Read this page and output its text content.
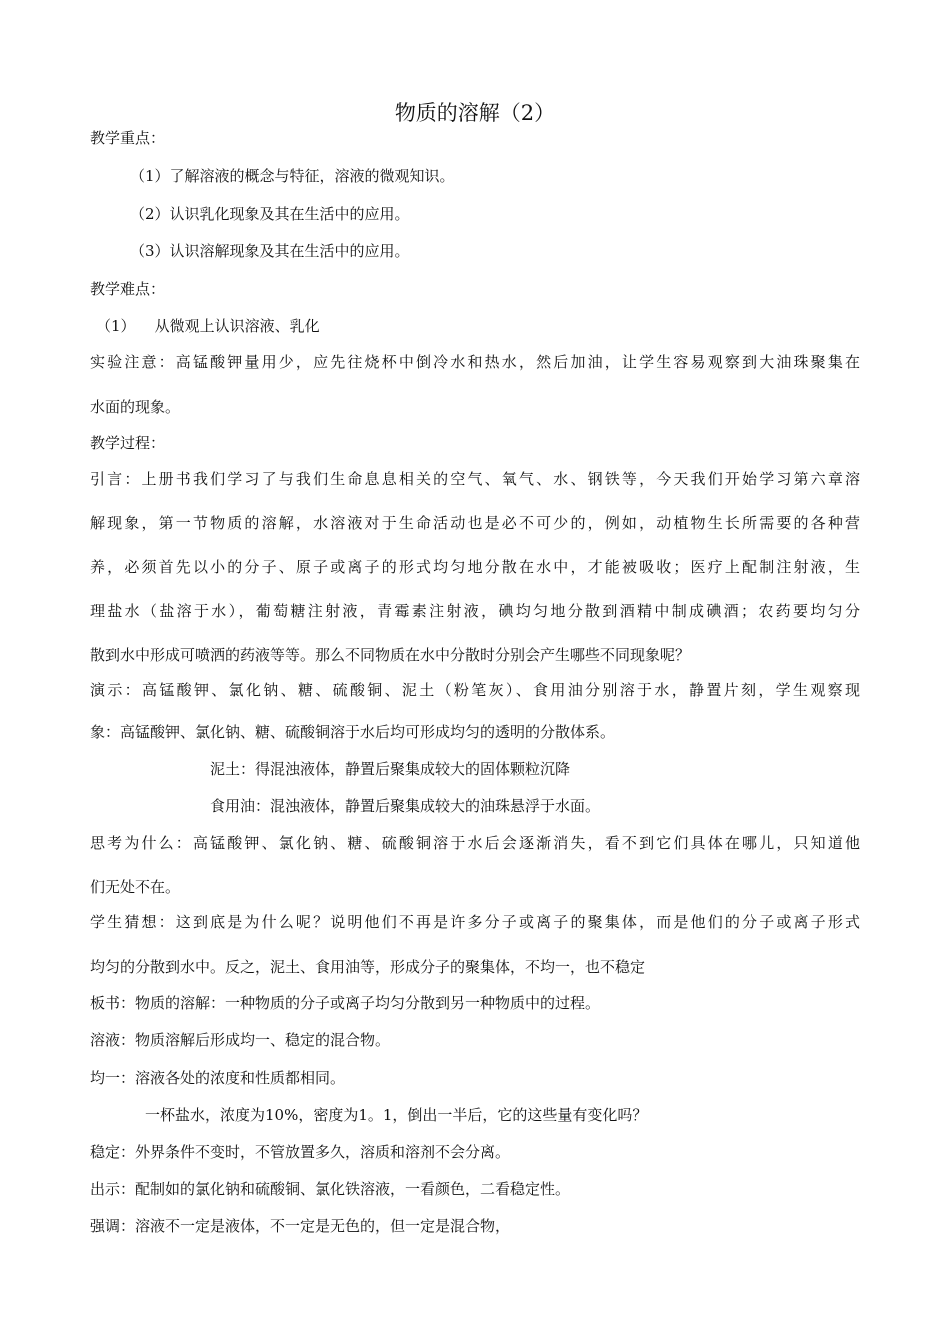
物质的溶解（2）
教学重点：
（1）了解溶液的概念与特征，溶液的微观知识。
（2）认识乳化现象及其在生活中的应用。
（3）认识溶解现象及其在生活中的应用。
教学难点：
（1）    从微观上认识溶液、乳化
实验注意：高锰酸钾量用少，应先往烧杯中倒冷水和热水，然后加油，让学生容易观察到大油珠聚集在
水面的现象。
教学过程：
引言：上册书我们学习了与我们生命息息相关的空气、氧气、水、钢铁等，今天我们开始学习第六章溶
解现象，第一节物质的溶解，水溶液对于生命活动也是必不可少的，例如，动植物生长所需要的各种营
养，必须首先以小的分子、原子或离子的形式均匀地分散在水中，才能被吸收；医疗上配制注射液，生
理盐水（盐溶于水），葡萄糖注射液，青霉素注射液，碘均匀地分散到酒精中制成碘酒；农药要均匀分
散到水中形成可喷洒的药液等等。那么不同物质在水中分散时分别会产生哪些不同现象呢？
演示：高锰酸钾、氯化钠、糖、硫酸铜、泥土（粉笔灰）、食用油分别溶于水，静置片刻，学生观察现
象：高锰酸钾、氯化钠、糖、硫酸铜溶于水后均可形成均匀的透明的分散体系。
泥土：得混浊液体，静置后聚集成较大的固体颗粒沉降
食用油：混浊液体，静置后聚集成较大的油珠悬浮于水面。
思考为什么：高锰酸钾、氯化钠、糖、硫酸铜溶于水后会逐渐消失，看不到它们具体在哪儿，只知道他
们无处不在。
学生猜想：这到底是为什么呢？说明他们不再是许多分子或离子的聚集体，而是他们的分子或离子形式
均匀的分散到水中。反之，泥土、食用油等，形成分子的聚集体，不均一，也不稳定
板书：物质的溶解：一种物质的分子或离子均匀分散到另一种物质中的过程。
溶液：物质溶解后形成均一、稳定的混合物。
均一：溶液各处的浓度和性质都相同。
一杯盐水，浓度为10%，密度为1。1，倒出一半后，它的这些量有变化吗？
稳定：外界条件不变时，不管放置多久，溶质和溶剂不会分离。
出示：配制如的氯化钠和硫酸铜、氯化铁溶液，一看颜色，二看稳定性。
强调：溶液不一定是液体，不一定是无色的，但一定是混合物，
